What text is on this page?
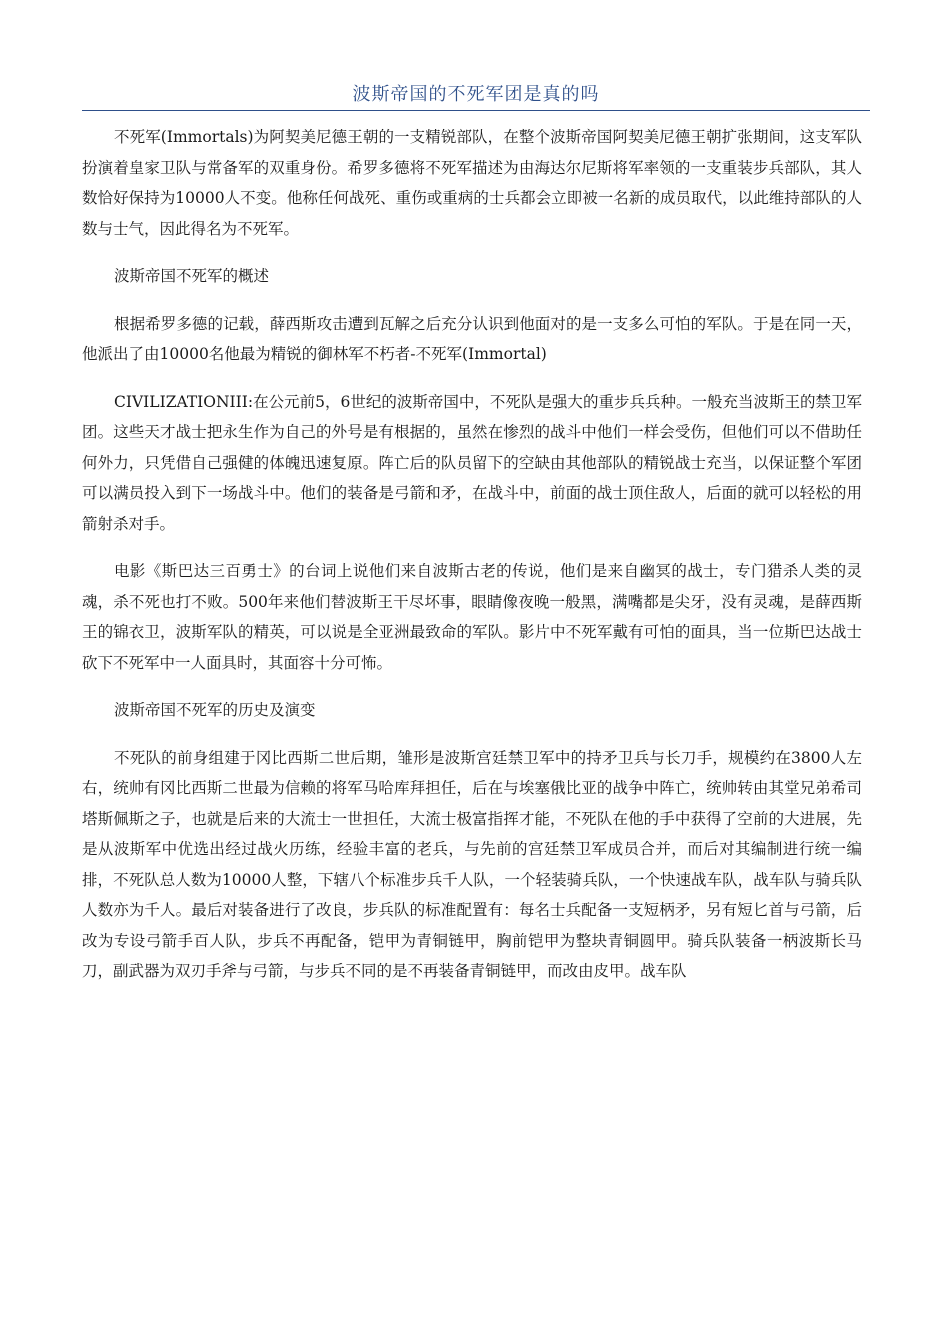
波斯帝国的不死军团是真的吗

不死军(Immortals)为阿契美尼德王朝的一支精锐部队，在整个波斯帝国阿契美尼德王朝扩张期间，这支军队扮演着皇家卫队与常备军的双重身份。希罗多德将不死军描述为由海达尔尼斯将军率领的一支重装步兵部队，其人数恰好保持为10000人不变。他称任何战死、重伤或重病的士兵都会立即被一名新的成员取代，以此维持部队的人数与士气，因此得名为不死军。

波斯帝国不死军的概述

根据希罗多德的记载，薛西斯攻击遭到瓦解之后充分认识到他面对的是一支多么可怕的军队。于是在同一天，他派出了由10000名他最为精锐的御林军不朽者-不死军(Immortal)

CIVILIZATIONIII:在公元前5，6世纪的波斯帝国中，不死队是强大的重步兵兵种。一般充当波斯王的禁卫军团。这些天才战士把永生作为自己的外号是有根据的，虽然在惨烈的战斗中他们一样会受伤，但他们可以不借助任何外力，只凭借自己强健的体魄迅速复原。阵亡后的队员留下的空缺由其他部队的精锐战士充当，以保证整个军团可以满员投入到下一场战斗中。他们的装备是弓箭和矛，在战斗中，前面的战士顶住敌人，后面的就可以轻松的用箭射杀对手。

电影《斯巴达三百勇士》的台词上说他们来自波斯古老的传说，他们是来自幽冥的战士，专门猎杀人类的灵魂，杀不死也打不败。500年来他们替波斯王干尽坏事，眼睛像夜晚一般黑，满嘴都是尖牙，没有灵魂，是薛西斯王的锦衣卫，波斯军队的精英，可以说是全亚洲最致命的军队。影片中不死军戴有可怕的面具，当一位斯巴达战士砍下不死军中一人面具时，其面容十分可怖。

波斯帝国不死军的历史及演变

不死队的前身组建于冈比西斯二世后期，雏形是波斯宫廷禁卫军中的持矛卫兵与长刀手，规模约在3800人左右，统帅有冈比西斯二世最为信赖的将军马哈库拜担任，后在与埃塞俄比亚的战争中阵亡，统帅转由其堂兄弟希司塔斯佩斯之子，也就是后来的大流士一世担任，大流士极富指挥才能，不死队在他的手中获得了空前的大进展，先是从波斯军中优选出经过战火历练，经验丰富的老兵，与先前的宫廷禁卫军成员合并，而后对其编制进行统一编排，不死队总人数为10000人整，下辖八个标准步兵千人队，一个轻装骑兵队，一个快速战车队，战车队与骑兵队人数亦为千人。最后对装备进行了改良，步兵队的标准配置有：每名士兵配备一支短柄矛，另有短匕首与弓箭，后改为专设弓箭手百人队，步兵不再配备，铠甲为青铜链甲，胸前铠甲为整块青铜圆甲。骑兵队装备一柄波斯长马刀，副武器为双刃手斧与弓箭，与步兵不同的是不再装备青铜链甲，而改由皮甲。战车队
